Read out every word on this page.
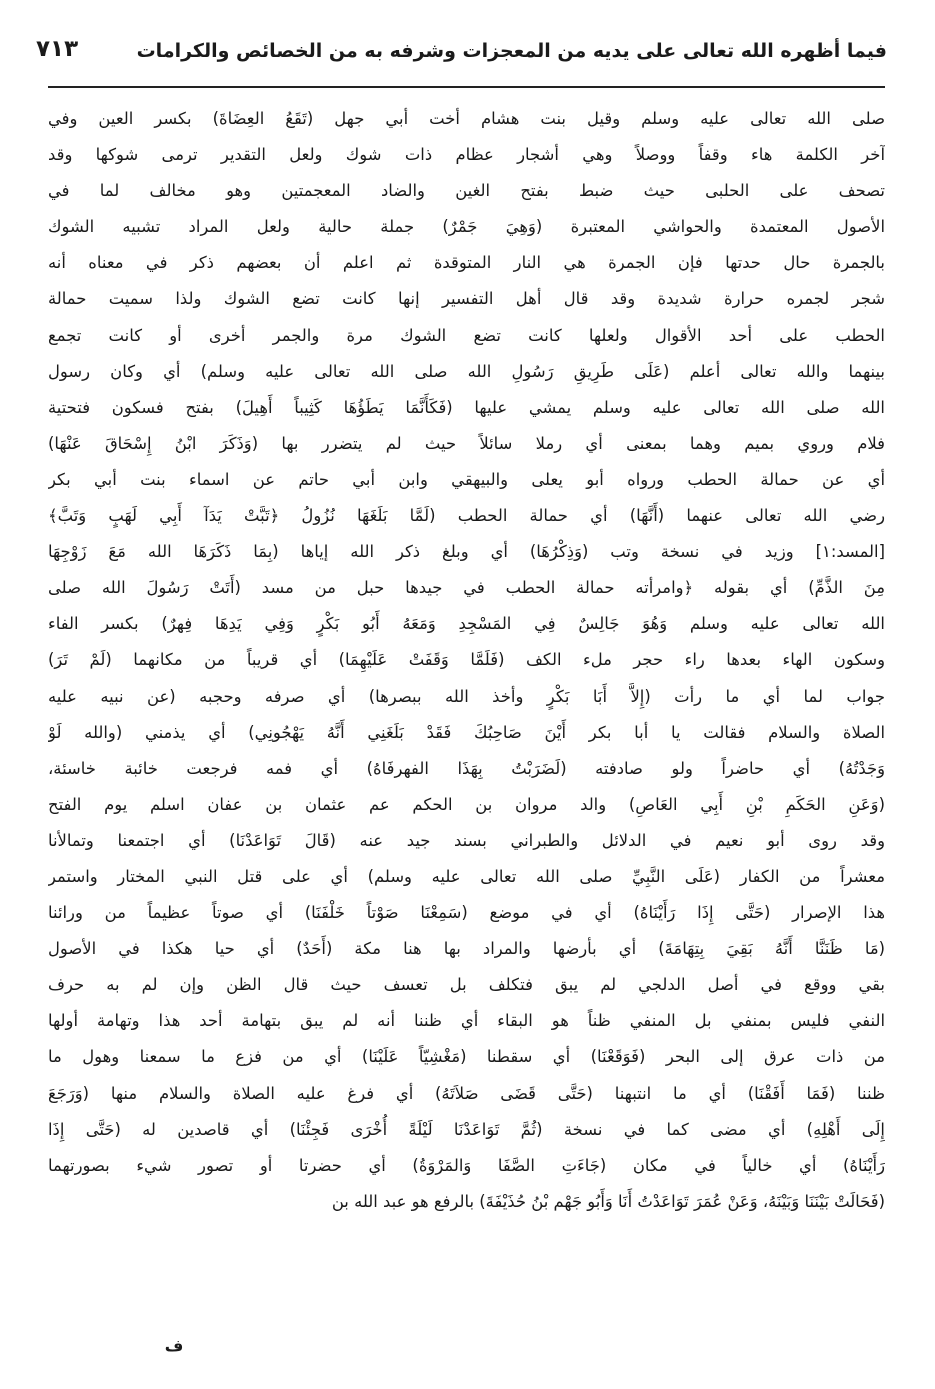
فيما أظهره الله تعالى على يديه من المعجزات وشرفه به من الخصائص والكرامات
٧١٣
صلى الله تعالى عليه وسلم وقيل بنت هشام أخت أبي جهل (تَقَعُ العِضَاةَ) بكسر العين وفي
آخر الكلمة هاء وقفاً ووصلاً وهي أشجار عظام ذات شوك ولعل التقدير ترمى شوكها وقد
تصحف على الحلبى حيث ضبط بفتح الغين والضاد المعجمتين وهو مخالف لما في
الأصول المعتمدة والحواشي المعتبرة (وَهِيَ جَمْرٌ) جملة حالية ولعل المراد تشبيه الشوك
بالجمرة حال حدتها فإن الجمرة هي النار المتوقدة ثم اعلم أن بعضهم ذكر في معناه أنه
شجر لجمره حرارة شديدة وقد قال أهل التفسير إنها كانت تضع الشوك ولذا سميت حمالة
الحطب على أحد الأقوال ولعلها كانت تضع الشوك مرة والجمر أخرى أو كانت تجمع
بينهما والله تعالى أعلم (عَلَى طَرِيقِ رَسُولِ الله صلى الله تعالى عليه وسلم) أي وكان رسول
الله صلى الله تعالى عليه وسلم يمشي عليها (فَكَأَنَّمَا يَطَؤُهَا كَثِيباً أَهِيلَ) بفتح فسكون فتحتية
فلام وروي بميم وهما بمعنى أي رملا سائلاً حيث لم يتضرر بها (وَذَكَرَ ابْنُ إِسْحَاقَ عَنْهَا)
أي عن حمالة الحطب ورواه أبو يعلى والبيهقي وابن أبي حاتم عن اسماء بنت أبي بكر
رضي الله تعالى عنهما (أَنَّهَا) أي حمالة الحطب (لَمَّا بَلَغَهَا نُزُولُ ﴿تَبَّتْ يَدَآ أَبِي لَهَبٍ وَتَبَّ﴾
[المسد:١] وزيد في نسخة وتب (وَذِكْرُهَا) أي وبلغ ذكر الله إياها (بِمَا ذَكَرَهَا الله مَعَ زَوْجِهَا
مِنَ الذَّمِّ) أي بقوله ﴿وامرأته حمالة الحطب في جيدها حبل من مسد (أَتَتْ رَسُولَ الله صلى
الله تعالى عليه وسلم وَهُوَ جَالِسٌ فِي المَسْجِدِ وَمَعَهُ أَبُو بَكْرٍ وَفِي يَدِهَا فِهرٌ) بكسر الفاء
وسكون الهاء بعدها راء حجر ملء الكف (فَلَمَّا وَقَفَتْ عَلَيْهِمَا) أي قريباً من مكانهما (لَمْ تَرَ)
جواب لما أي ما رأت (إِلاَّ أَبَا بَكْرٍ وأخذ الله ببصرها) أي صرفه وحجبه (عن نبيه عليه
الصلاة والسلام فقالت يا أبا بكر أَيْنَ صَاحِبُكَ فَقَدْ بَلَغَنِي أَنَّهُ يَهْجُونِي) أي يذمني (والله لَوْ
وَجَدْتُهُ) أي حاضراً ولو صادفته (لَضَرَبْتُ بِهَذَا الفهرفَاهُ) أي فمه فرجعت خائبة خاسئة،
(وَعَنِ الحَكَمِ بْنِ أَبِي العَاصِ) والد مروان بن الحكم عم عثمان بن عفان اسلم يوم الفتح
وقد روى أبو نعيم في الدلائل والطبراني بسند جيد عنه (قَالَ تَوَاعَدْنَا) أي اجتمعنا وتمالأنا
معشراً من الكفار (عَلَى النَّبِيِّ صلى الله تعالى عليه وسلم) أي على قتل النبي المختار واستمر
هذا الإصرار (حَتَّى إِذَا رَأَيْنَاهُ) أي في موضع (سَمِعْنَا صَوْتاً خَلْفَنَا) أي صوتاً عظيماً من ورائنا
(مَا ظَنَنَّا أَنَّهُ بَقِيَ بِتِهَامَةَ) أي بأرضها والمراد بها هنا مكة (أَحَدٌ) أي حيا هكذا في الأصول
بقي ووقع في أصل الدلجي لم يبق فتكلف بل تعسف حيث قال الظن وإن لم به حرف
النفي فليس بمنفي بل المنفي ظناً هو البقاء أي ظننا أنه لم يبق بتهامة أحد هذا وتهامة أولها
من ذات عرق إلى البحر (فَوَقَعْنَا) أي سقطنا (مَغْشِيّاً عَلَيْنَا) أي من فزع ما سمعنا وهول ما
ظننا (فَمَا أَفَقْنَا) أي ما انتبهنا (حَتَّى قَضَى صَلاَتَهُ) أي فرغ عليه الصلاة والسلام منها (وَرَجَعَ
إِلَى أَهْلِهِ) أي مضى كما في نسخة (ثُمَّ تَوَاعَدْنَا لَيْلَةً أُخْرَى فَجِئْنَا) أي قاصدين له (حَتَّى إِذَا
رَأَيْنَاهُ) أي خالياً في مكان (جَاءَتِ الصَّفَا وَالمَرْوَةُ) أي حضرتا أو تصور شيء بصورتهما
(فَحَالَتْ بَيْنَنَا وَبَيْنَهُ، وَعَنْ عُمَرَ تَوَاعَدْتُ أَنَا وَأَبُو جَهْم بْنُ حُذَيْفَةَ) بالرفع هو عبد الله بن
ف
